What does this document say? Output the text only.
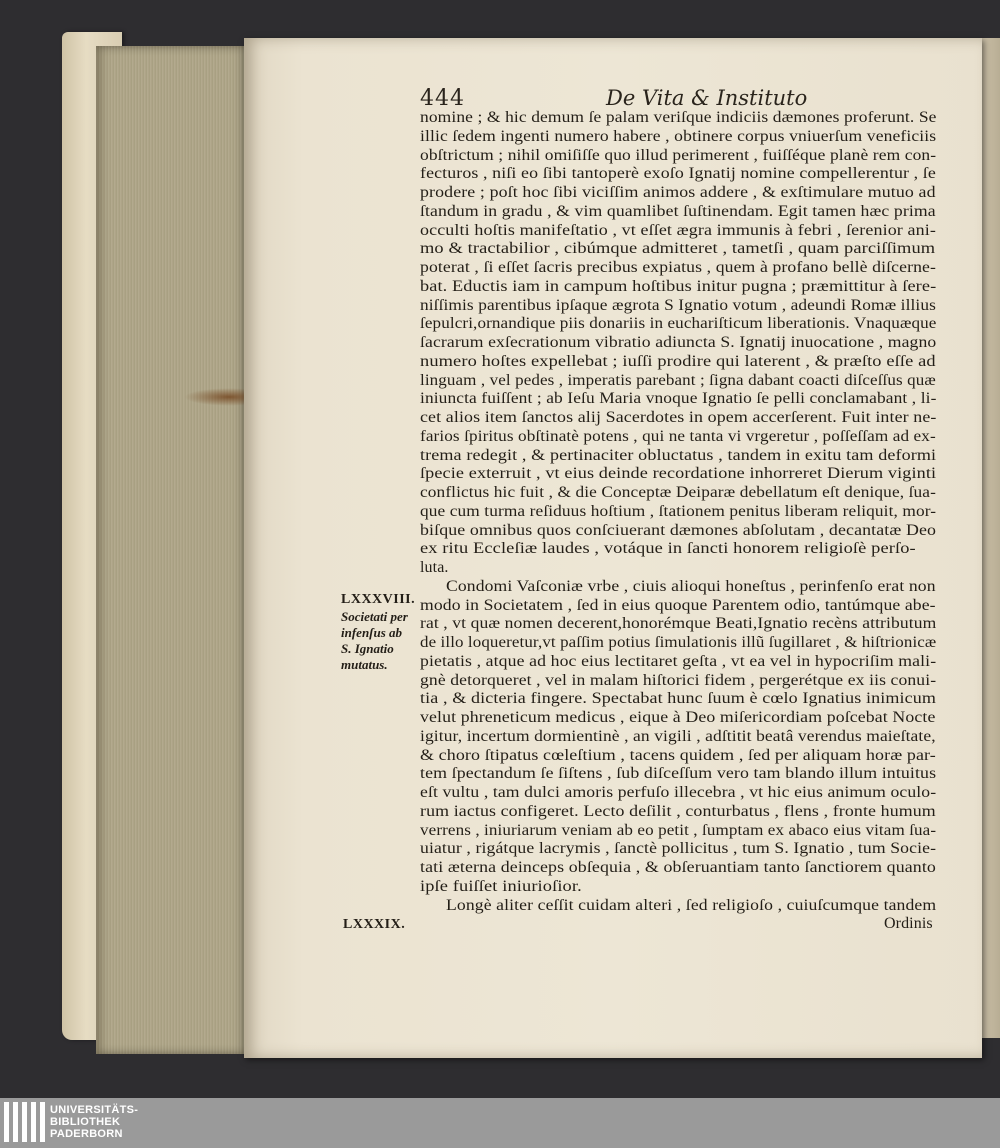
444	De Vita & Instituto
nomine ; & hic demum ſe palam veriſque indiciis dæmones proferunt. Se
illic ſedem ingenti numero habere , obtinere corpus vniuerſum veneficiis
obſtrictum ; nihil omiſiſſe quo illud perimerent , fuiſſéque planè rem con-
fecturos , niſi eo ſibi tantoperè exoſo Ignatij nomine compellerentur , ſe
prodere ; poſt hoc ſibi viciſſim animos addere , & exſtimulare mutuo ad
ſtandum in gradu , & vim quamlibet ſuſtinendam. Egit tamen hæc prima
occulti hoſtis manifeſtatio , vt eſſet ægra immunis à febri , ſerenior ani-
mo & tractabilior , cibúmque admitteret , tametſi , quam parciſſimum
poterat , ſi eſſet ſacris precibus expiatus , quem à profano bellè diſcerne-
bat. Eductis iam in campum hoſtibus initur pugna ; præmittitur à ſere-
niſſimis parentibus ipſaque ægrota S Ignatio votum , adeundi Romæ illius
ſepulcri,ornandique piis donariis in euchariſticum liberationis. Vnaquæque
ſacrarum exſecrationum vibratio adiuncta S. Ignatij inuocatione , magno
numero hoſtes expellebat ; iuſſi prodire qui laterent , & præſto eſſe ad
linguam , vel pedes , imperatis parebant ; ſigna dabant coacti diſceſſus quæ
iniuncta fuiſſent ; ab Ieſu Maria vnoque Ignatio ſe pelli conclamabant , li-
cet alios item ſanctos alij Sacerdotes in opem accerſerent. Fuit inter ne-
farios ſpiritus obſtinatè potens , qui ne tanta vi vrgeretur , poſſeſſam ad ex-
trema redegit , & pertinaciter obluctatus , tandem in exitu tam deformi
ſpecie exterruit , vt eius deinde recordatione inhorreret Dierum viginti
conflictus hic fuit , & die Conceptæ Deiparæ debellatum eſt denique, ſua-
que cum turma reſiduus hoſtium , ſtationem penitus liberam reliquit, mor-
biſque omnibus quos conſciuerant dæmones abſolutam , decantatæ Deo
ex ritu Eccleſiæ laudes , votáque in ſancti honorem religioſè perſo-
luta.
Condomi Vaſconiæ vrbe , ciuis alioqui honeſtus , perinfenſo erat non
modo in Societatem , ſed in eius quoque Parentem odio, tantúmque abe-
rat , vt quæ nomen decerent,honorémque Beati,Ignatio recèns attributum
de illo loqueretur,vt paſſim potius ſimulationis illũ ſugillaret , & hiſtrionicæ
pietatis , atque ad hoc eius lectitaret geſta , vt ea vel in hypocriſim mali-
gnè detorqueret , vel in malam hiſtorici fidem , pergerétque ex iis conui-
tia , & dicteria fingere. Spectabat hunc ſuum è cœlo Ignatius inimicum
velut phreneticum medicus , eique à Deo miſericordiam poſcebat Nocte
igitur, incertum dormientinè , an vigili , adſtitit beatâ verendus maieſtate,
& choro ſtipatus cœleſtium , tacens quidem , ſed per aliquam horæ par-
tem ſpectandum ſe ſiſtens , ſub diſceſſum vero tam blando illum intuitus
eſt vultu , tam dulci amoris perfuſo illecebra , vt hic eius animum oculo-
rum iactus configeret. Lecto deſilit , conturbatus , flens , fronte humum
verrens , iniuriarum veniam ab eo petit , ſumptam ex abaco eius vitam ſua-
uiatur , rigátque lacrymis , ſanctè pollicitus , tum S. Ignatio , tum Socie-
tati æterna deinceps obſequia , & obſeruantiam tanto ſanctiorem quanto
ipſe fuiſſet iniurioſior.
Longè aliter ceſſit cuidam alteri , ſed religioſo , cuiuſcumque tandem
Ordinis
LXXXVIII.
Societati per
infenſus ab
S. Ignatio
mutatus.
LXXXIX.
UNIVERSITÄTS-
BIBLIOTHEK
PADERBORN
